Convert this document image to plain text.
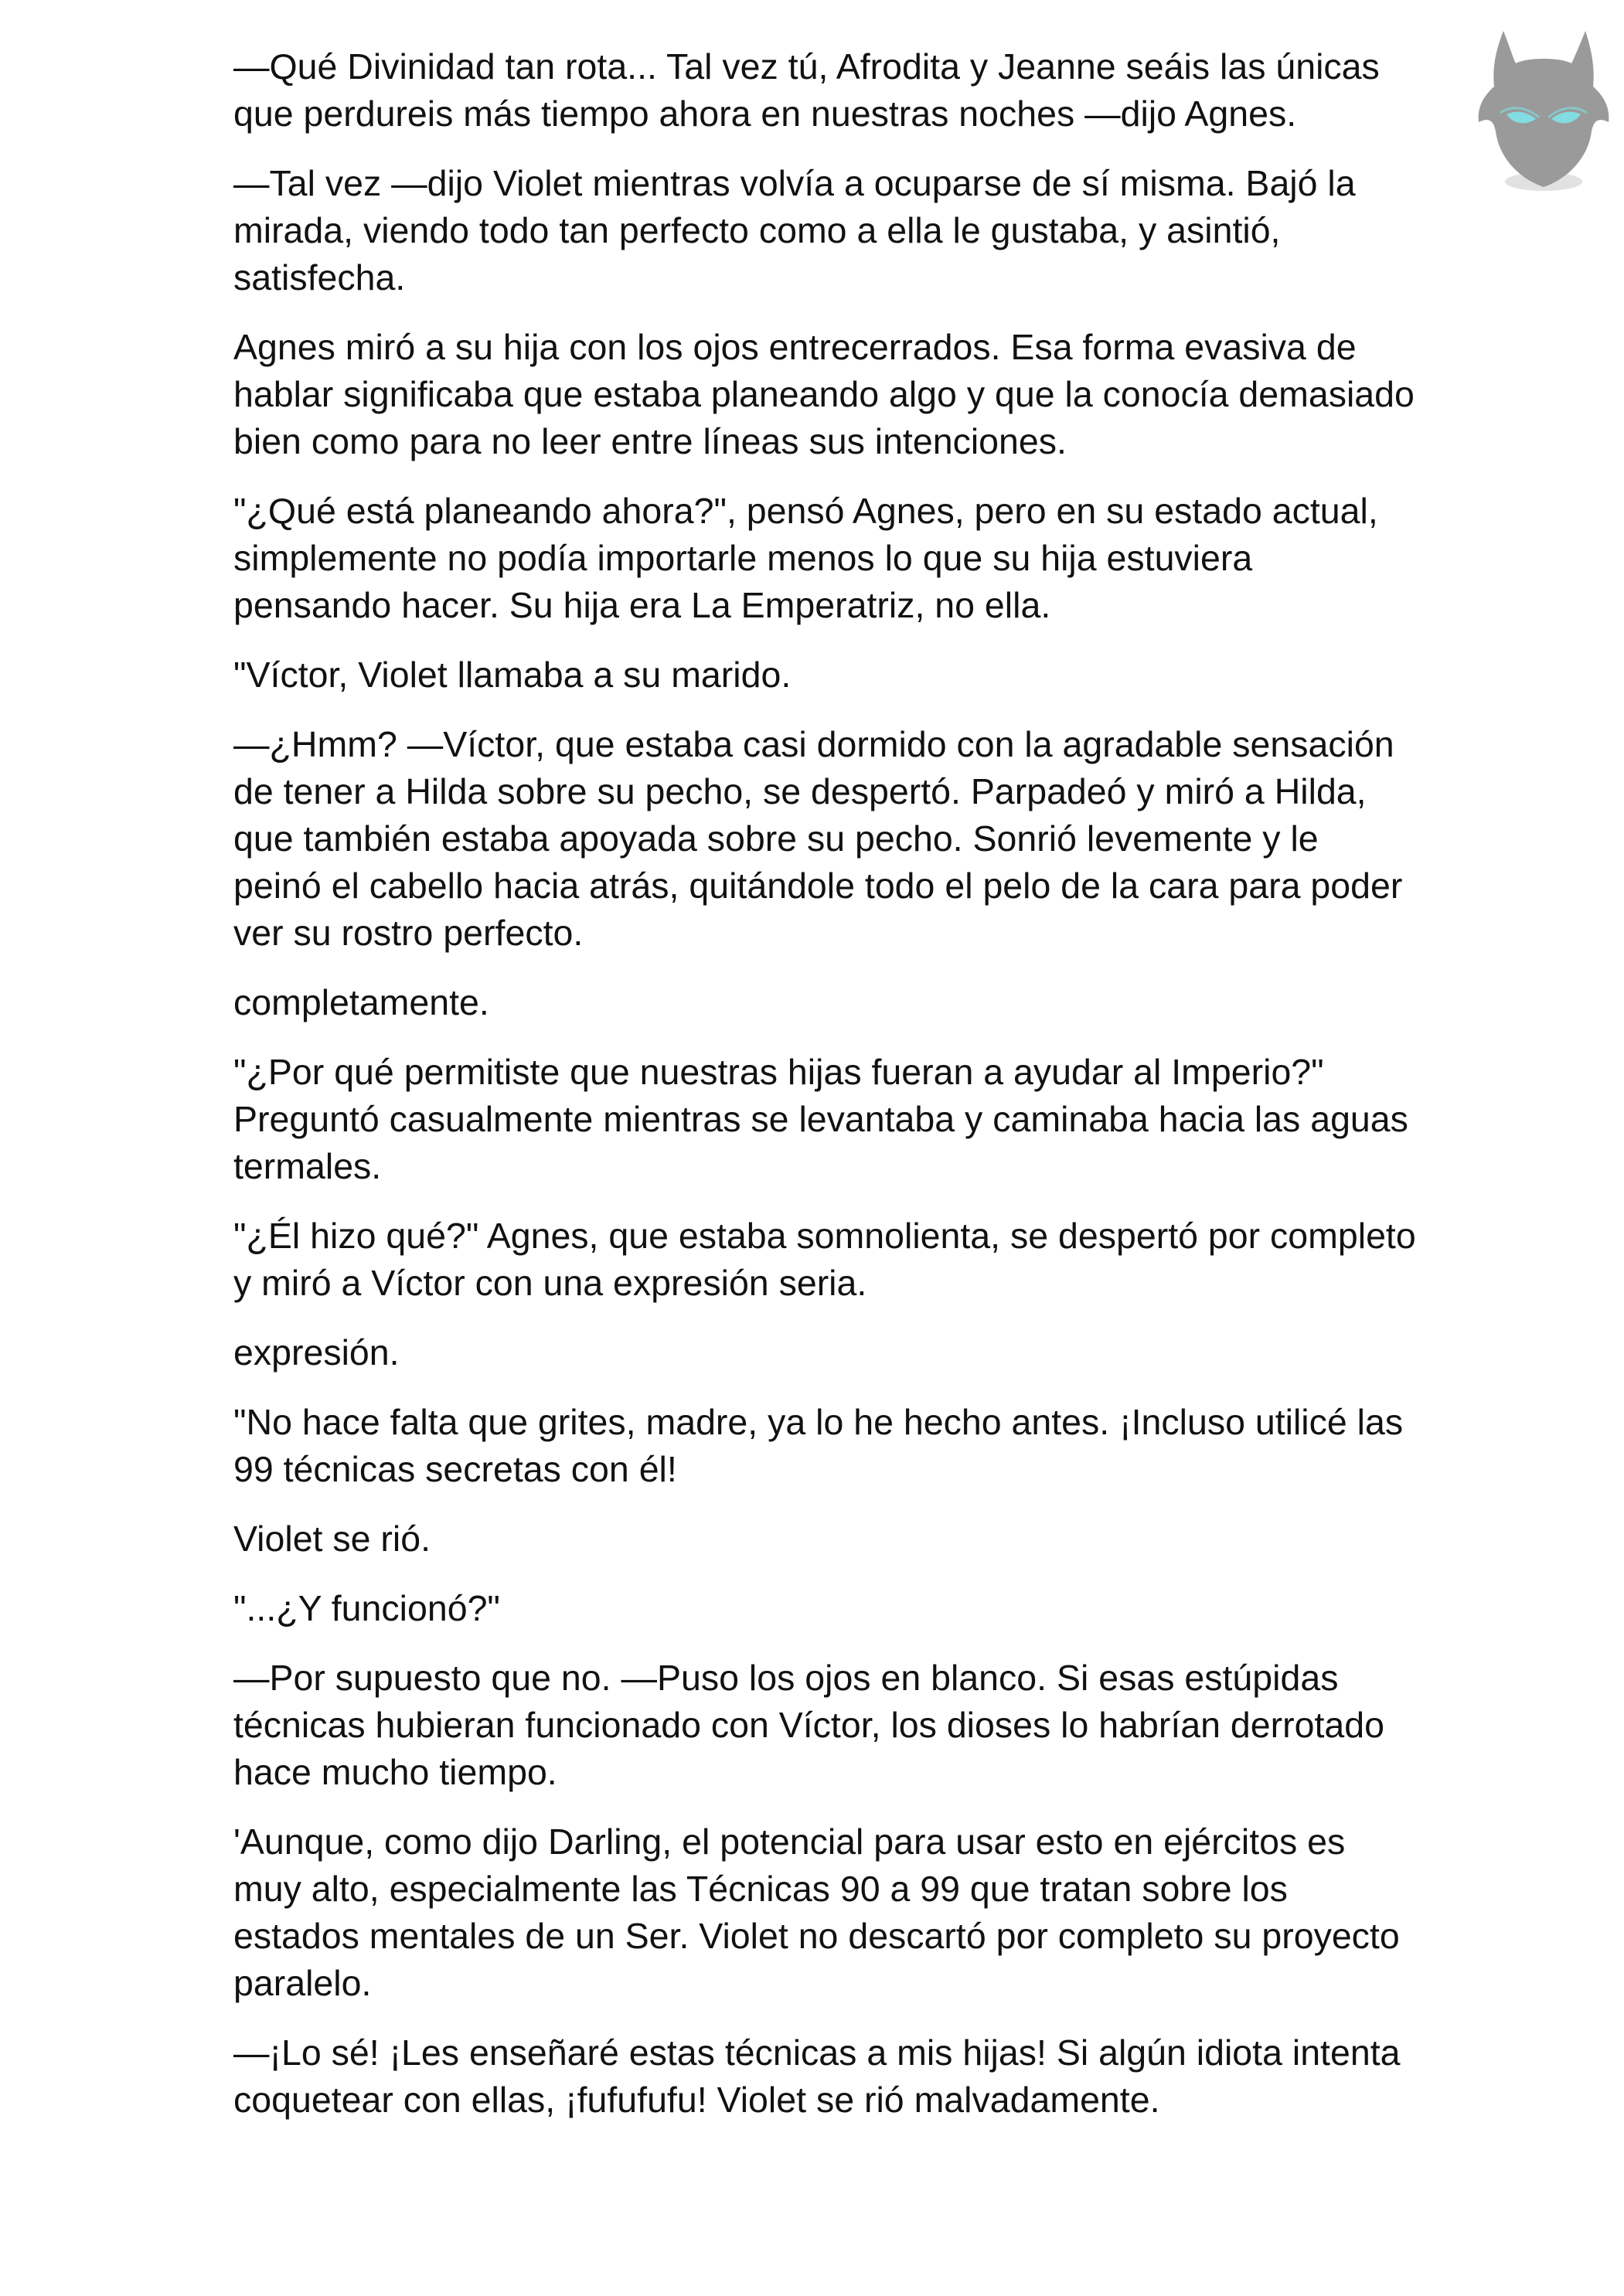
—Qué Divinidad tan rota... Tal vez tú, Afrodita y Jeanne seáis las únicas que perdureis más tiempo ahora en nuestras noches —dijo Agnes.

—Tal vez —dijo Violet mientras volvía a ocuparse de sí misma. Bajó la mirada, viendo todo tan perfecto como a ella le gustaba, y asintió, satisfecha.

Agnes miró a su hija con los ojos entrecerrados. Esa forma evasiva de hablar significaba que estaba planeando algo y que la conocía demasiado bien como para no leer entre líneas sus intenciones.

"¿Qué está planeando ahora?", pensó Agnes, pero en su estado actual, simplemente no podía importarle menos lo que su hija estuviera pensando hacer. Su hija era La Emperatriz, no ella.

"Víctor, Violet llamaba a su marido.

—¿Hmm? —Víctor, que estaba casi dormido con la agradable sensación de tener a Hilda sobre su pecho, se despertó. Parpadeó y miró a Hilda, que también estaba apoyada sobre su pecho. Sonrió levemente y le peinó el cabello hacia atrás, quitándole todo el pelo de la cara para poder ver su rostro perfecto.

completamente.

"¿Por qué permitiste que nuestras hijas fueran a ayudar al Imperio?" Preguntó casualmente mientras se levantaba y caminaba hacia las aguas termales.

"¿Él hizo qué?" Agnes, que estaba somnolienta, se despertó por completo y miró a Víctor con una expresión seria.

expresión.

"No hace falta que grites, madre, ya lo he hecho antes. ¡Incluso utilicé las 99 técnicas secretas con él!

Violet se rió.

"...¿Y funcionó?"

—Por supuesto que no. —Puso los ojos en blanco. Si esas estúpidas técnicas hubieran funcionado con Víctor, los dioses lo habrían derrotado hace mucho tiempo.

'Aunque, como dijo Darling, el potencial para usar esto en ejércitos es muy alto, especialmente las Técnicas 90 a 99 que tratan sobre los estados mentales de un Ser. Violet no descartó por completo su proyecto paralelo.

—¡Lo sé! ¡Les enseñaré estas técnicas a mis hijas! Si algún idiota intenta coquetear con ellas, ¡fufufufu! Violet se rió malvadamente.
